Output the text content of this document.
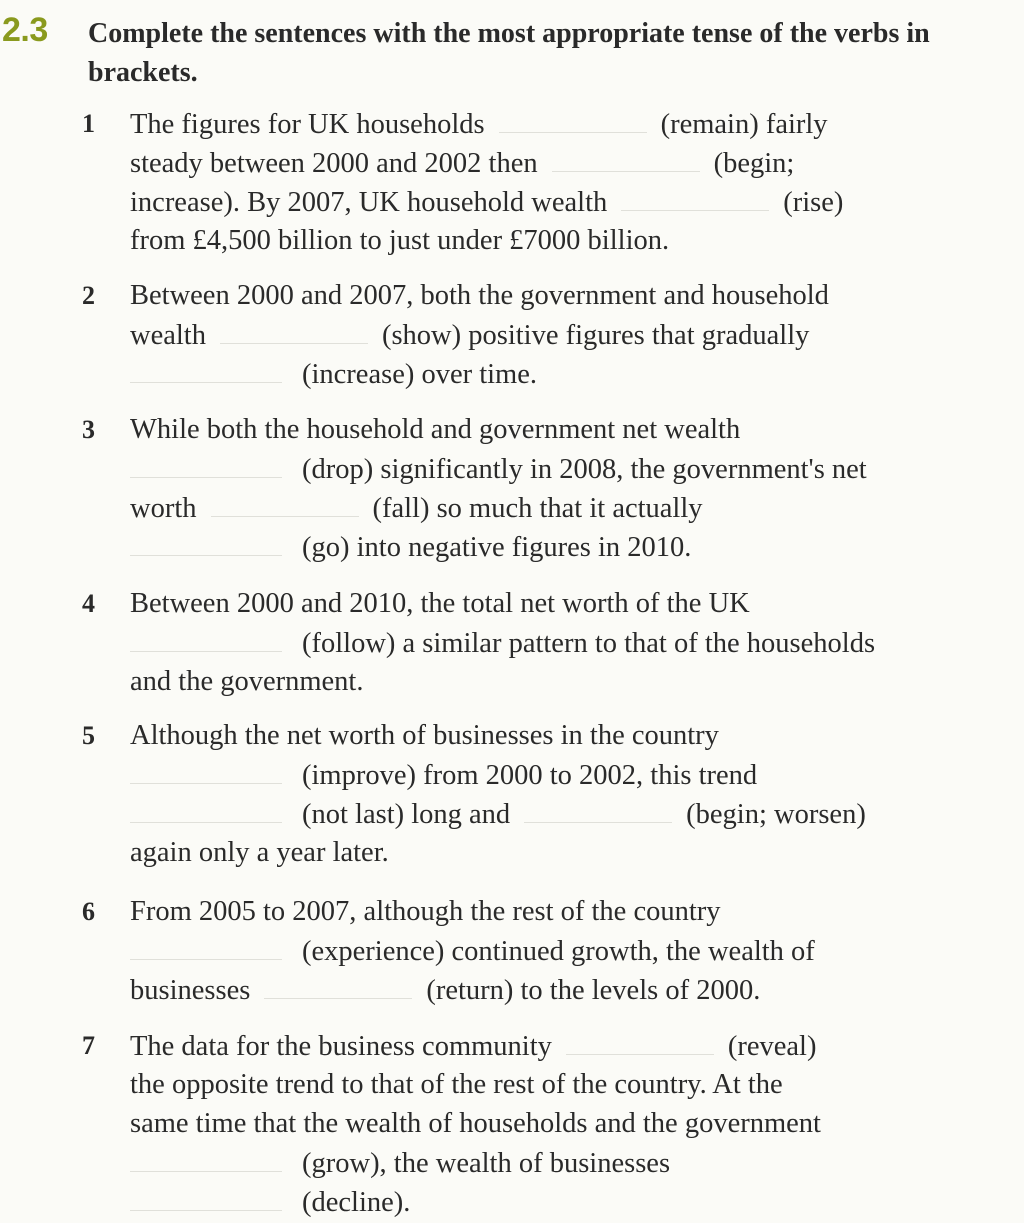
2.3 Complete the sentences with the most appropriate tense of the verbs in brackets.
1 The figures for UK households	(remain) fairly
steady between 2000 and 2002 then	(begin;
increase). By 2007, UK household wealth	(rise)
from £4,500 billion to just under £7000 billion.
2 Between 2000 and 2007, both the government and household
wealth	(show) positive figures that gradually
(increase) over time.
3 While both the household and government net wealth
(drop) significantly in 2008, the government's net
worth	(fall) so much that it actually
(go) into negative figures in 2010.
4 Between 2000 and 2010, the total net worth of the UK
(follow) a similar pattern to that of the households
and the government.
5 Although the net worth of businesses in the country
(improve) from 2000 to 2002, this trend
(not last) long and	(begin; worsen)
again only a year later.
6 From 2005 to 2007, although the rest of the country
(experience) continued growth, the wealth of
businesses	(return) to the levels of 2000.
7 The data for the business community	(reveal)
the opposite trend to that of the rest of the country. At the
same time that the wealth of households and the government
(grow), the wealth of businesses
(decline).
